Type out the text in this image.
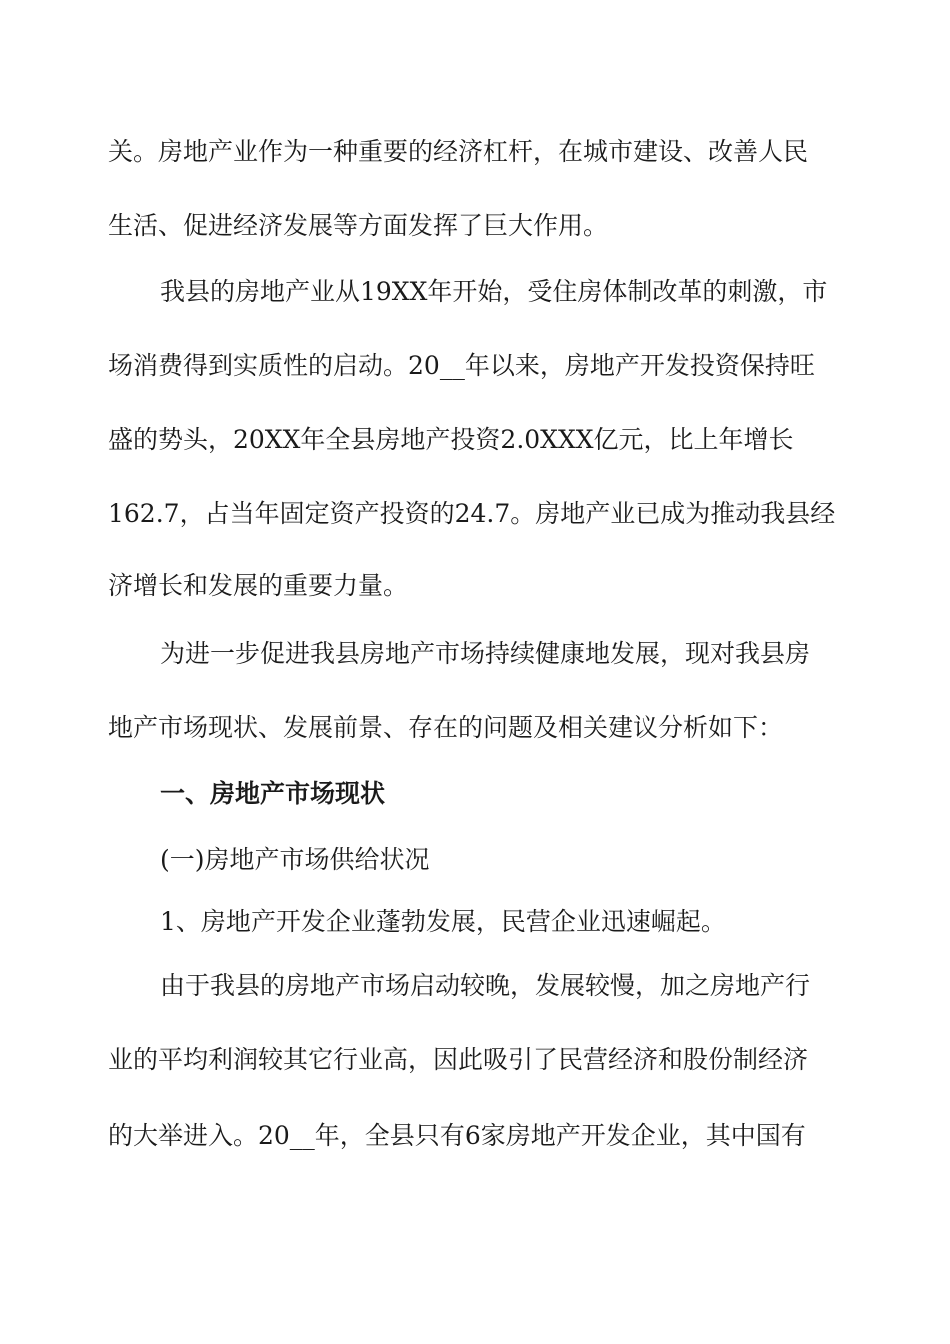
关。房地产业作为一种重要的经济杠杆，在城市建设、改善人民
生活、促进经济发展等方面发挥了巨大作用。
我县的房地产业从19XX年开始，受住房体制改革的刺激，市
场消费得到实质性的启动。20__年以来，房地产开发投资保持旺
盛的势头，20XX年全县房地产投资2.0XXX亿元，比上年增长
162.7，占当年固定资产投资的24.7。房地产业已成为推动我县经
济增长和发展的重要力量。
为进一步促进我县房地产市场持续健康地发展，现对我县房
地产市场现状、发展前景、存在的问题及相关建议分析如下：
一、房地产市场现状
(一)房地产市场供给状况
1、房地产开发企业蓬勃发展，民营企业迅速崛起。
由于我县的房地产市场启动较晚，发展较慢，加之房地产行
业的平均利润较其它行业高，因此吸引了民营经济和股份制经济
的大举进入。20__年，全县只有6家房地产开发企业，其中国有
